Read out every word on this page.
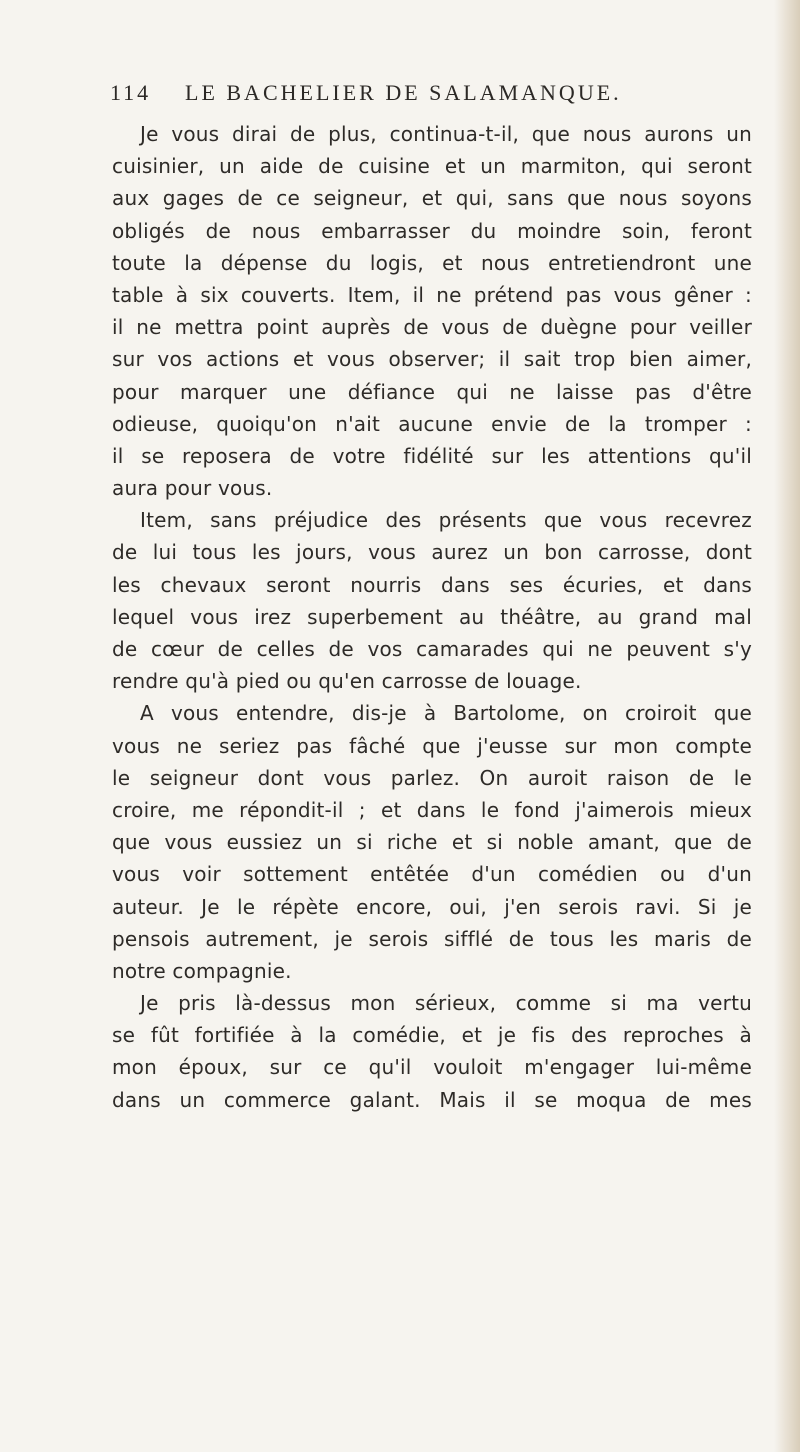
114 LE BACHELIER DE SALAMANQUE.
Je vous dirai de plus, continua-t-il, que nous aurons un
cuisinier, un aide de cuisine et un marmiton, qui seront
aux gages de ce seigneur, et qui, sans que nous soyons
obligés de nous embarrasser du moindre soin, feront
toute la dépense du logis, et nous entretiendront une
table à six couverts. Item, il ne prétend pas vous gêner :
il ne mettra point auprès de vous de duègne pour veiller
sur vos actions et vous observer; il sait trop bien aimer,
pour marquer une défiance qui ne laisse pas d'être
odieuse, quoiqu'on n'ait aucune envie de la tromper :
il se reposera de votre fidélité sur les attentions qu'il
aura pour vous.
Item, sans préjudice des présents que vous recevrez
de lui tous les jours, vous aurez un bon carrosse, dont
les chevaux seront nourris dans ses écuries, et dans
lequel vous irez superbement au théâtre, au grand mal
de cœur de celles de vos camarades qui ne peuvent s'y
rendre qu'à pied ou qu'en carrosse de louage.
A vous entendre, dis-je à Bartolome, on croiroit que
vous ne seriez pas fâché que j'eusse sur mon compte
le seigneur dont vous parlez. On auroit raison de le
croire, me répondit-il ; et dans le fond j'aimerois mieux
que vous eussiez un si riche et si noble amant, que de
vous voir sottement entêtée d'un comédien ou d'un
auteur. Je le répète encore, oui, j'en serois ravi. Si je
pensois autrement, je serois sifflé de tous les maris de
notre compagnie.
Je pris là-dessus mon sérieux, comme si ma vertu
se fût fortifiée à la comédie, et je fis des reproches à
mon époux, sur ce qu'il vouloit m'engager lui-même
dans un commerce galant. Mais il se moqua de mes
